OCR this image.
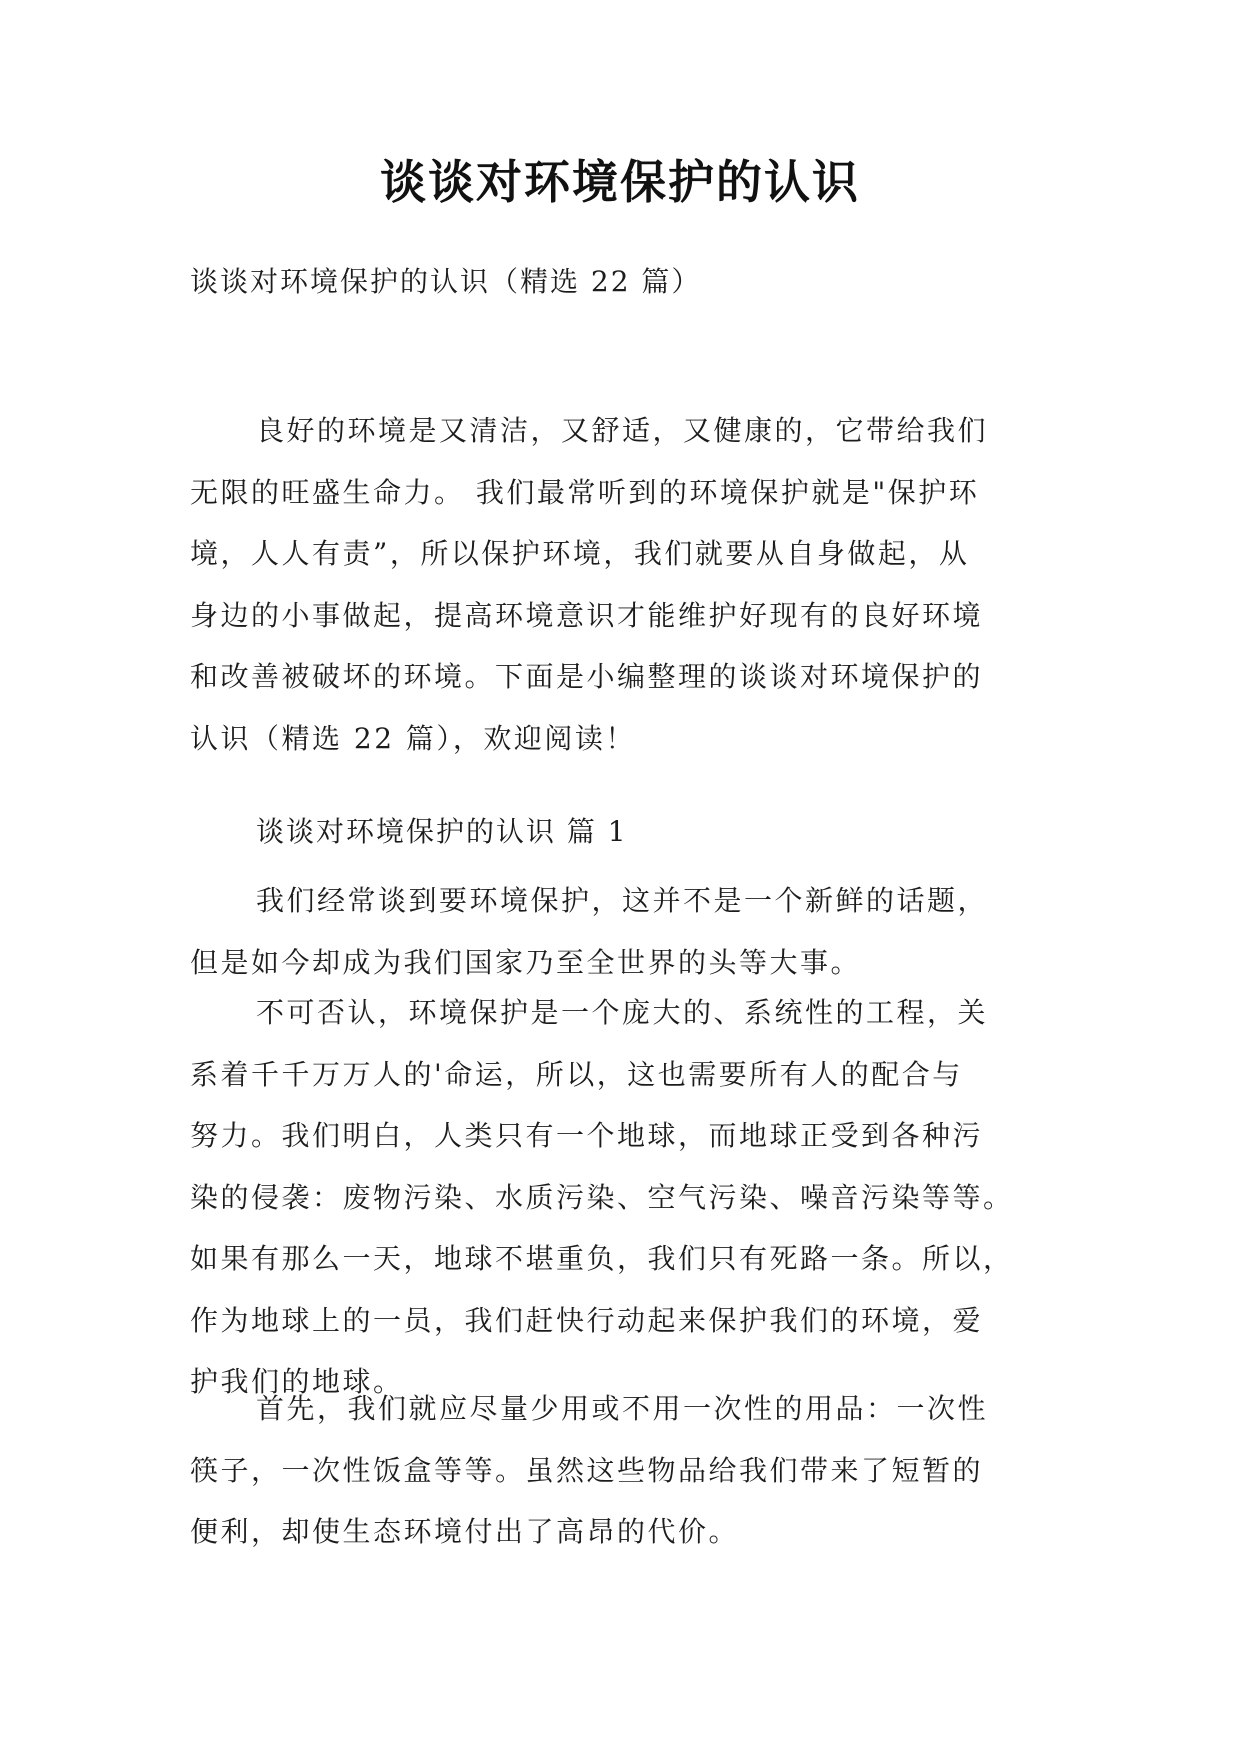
谈谈对环境保护的认识

谈谈对环境保护的认识（精选 22 篇）

良好的环境是又清洁，又舒适，又健康的，它带给我们
无限的旺盛生命力。 我们最常听到的环境保护就是"保护环
境，人人有责”，所以保护环境，我们就要从自身做起，从
身边的小事做起，提高环境意识才能维护好现有的良好环境
和改善被破坏的环境。下面是小编整理的谈谈对环境保护的
认识（精选 22 篇），欢迎阅读！

谈谈对环境保护的认识 篇 1

我们经常谈到要环境保护，这并不是一个新鲜的话题，
但是如今却成为我们国家乃至全世界的头等大事。

不可否认，环境保护是一个庞大的、系统性的工程，关
系着千千万万人的'命运，所以，这也需要所有人的配合与
努力。我们明白，人类只有一个地球，而地球正受到各种污
染的侵袭：废物污染、水质污染、空气污染、噪音污染等等。
如果有那么一天，地球不堪重负，我们只有死路一条。所以，
作为地球上的一员，我们赶快行动起来保护我们的环境，爱
护我们的地球。

首先，我们就应尽量少用或不用一次性的用品：一次性
筷子，一次性饭盒等等。虽然这些物品给我们带来了短暂的
便利，却使生态环境付出了高昂的代价。
